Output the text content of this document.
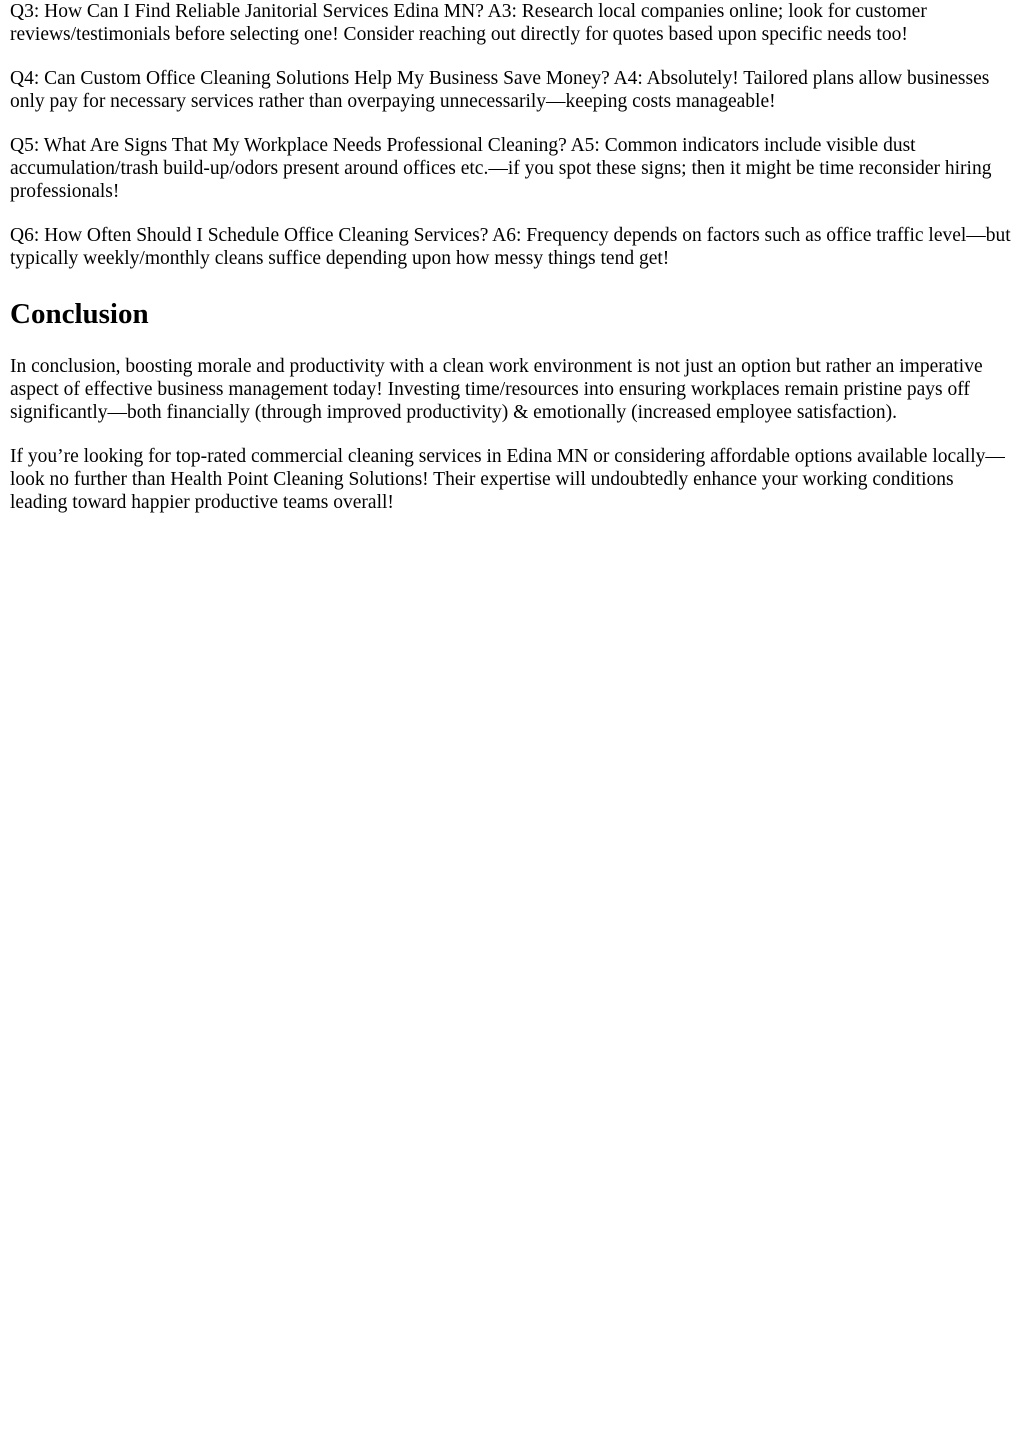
Q3: How Can I Find Reliable Janitorial Services Edina MN? A3: Research local companies online; look for customer reviews/testimonials before selecting one! Consider reaching out directly for quotes based upon specific needs too!

Q4: Can Custom Office Cleaning Solutions Help My Business Save Money? A4: Absolutely! Tailored plans allow businesses only pay for necessary services rather than overpaying unnecessarily—keeping costs manageable!

Q5: What Are Signs That My Workplace Needs Professional Cleaning? A5: Common indicators include visible dust accumulation/trash build-up/odors present around offices etc.—if you spot these signs; then it might be time reconsider hiring professionals!

Q6: How Often Should I Schedule Office Cleaning Services? A6: Frequency depends on factors such as office traffic level—but typically weekly/monthly cleans suffice depending upon how messy things tend get!

Conclusion

In conclusion, boosting morale and productivity with a clean work environment is not just an option but rather an imperative aspect of effective business management today! Investing time/resources into ensuring workplaces remain pristine pays off significantly—both financially (through improved productivity) & emotionally (increased employee satisfaction).

If you’re looking for top-rated commercial cleaning services in Edina MN or considering affordable options available locally—look no further than Health Point Cleaning Solutions! Their expertise will undoubtedly enhance your working conditions leading toward happier productive teams overall!
